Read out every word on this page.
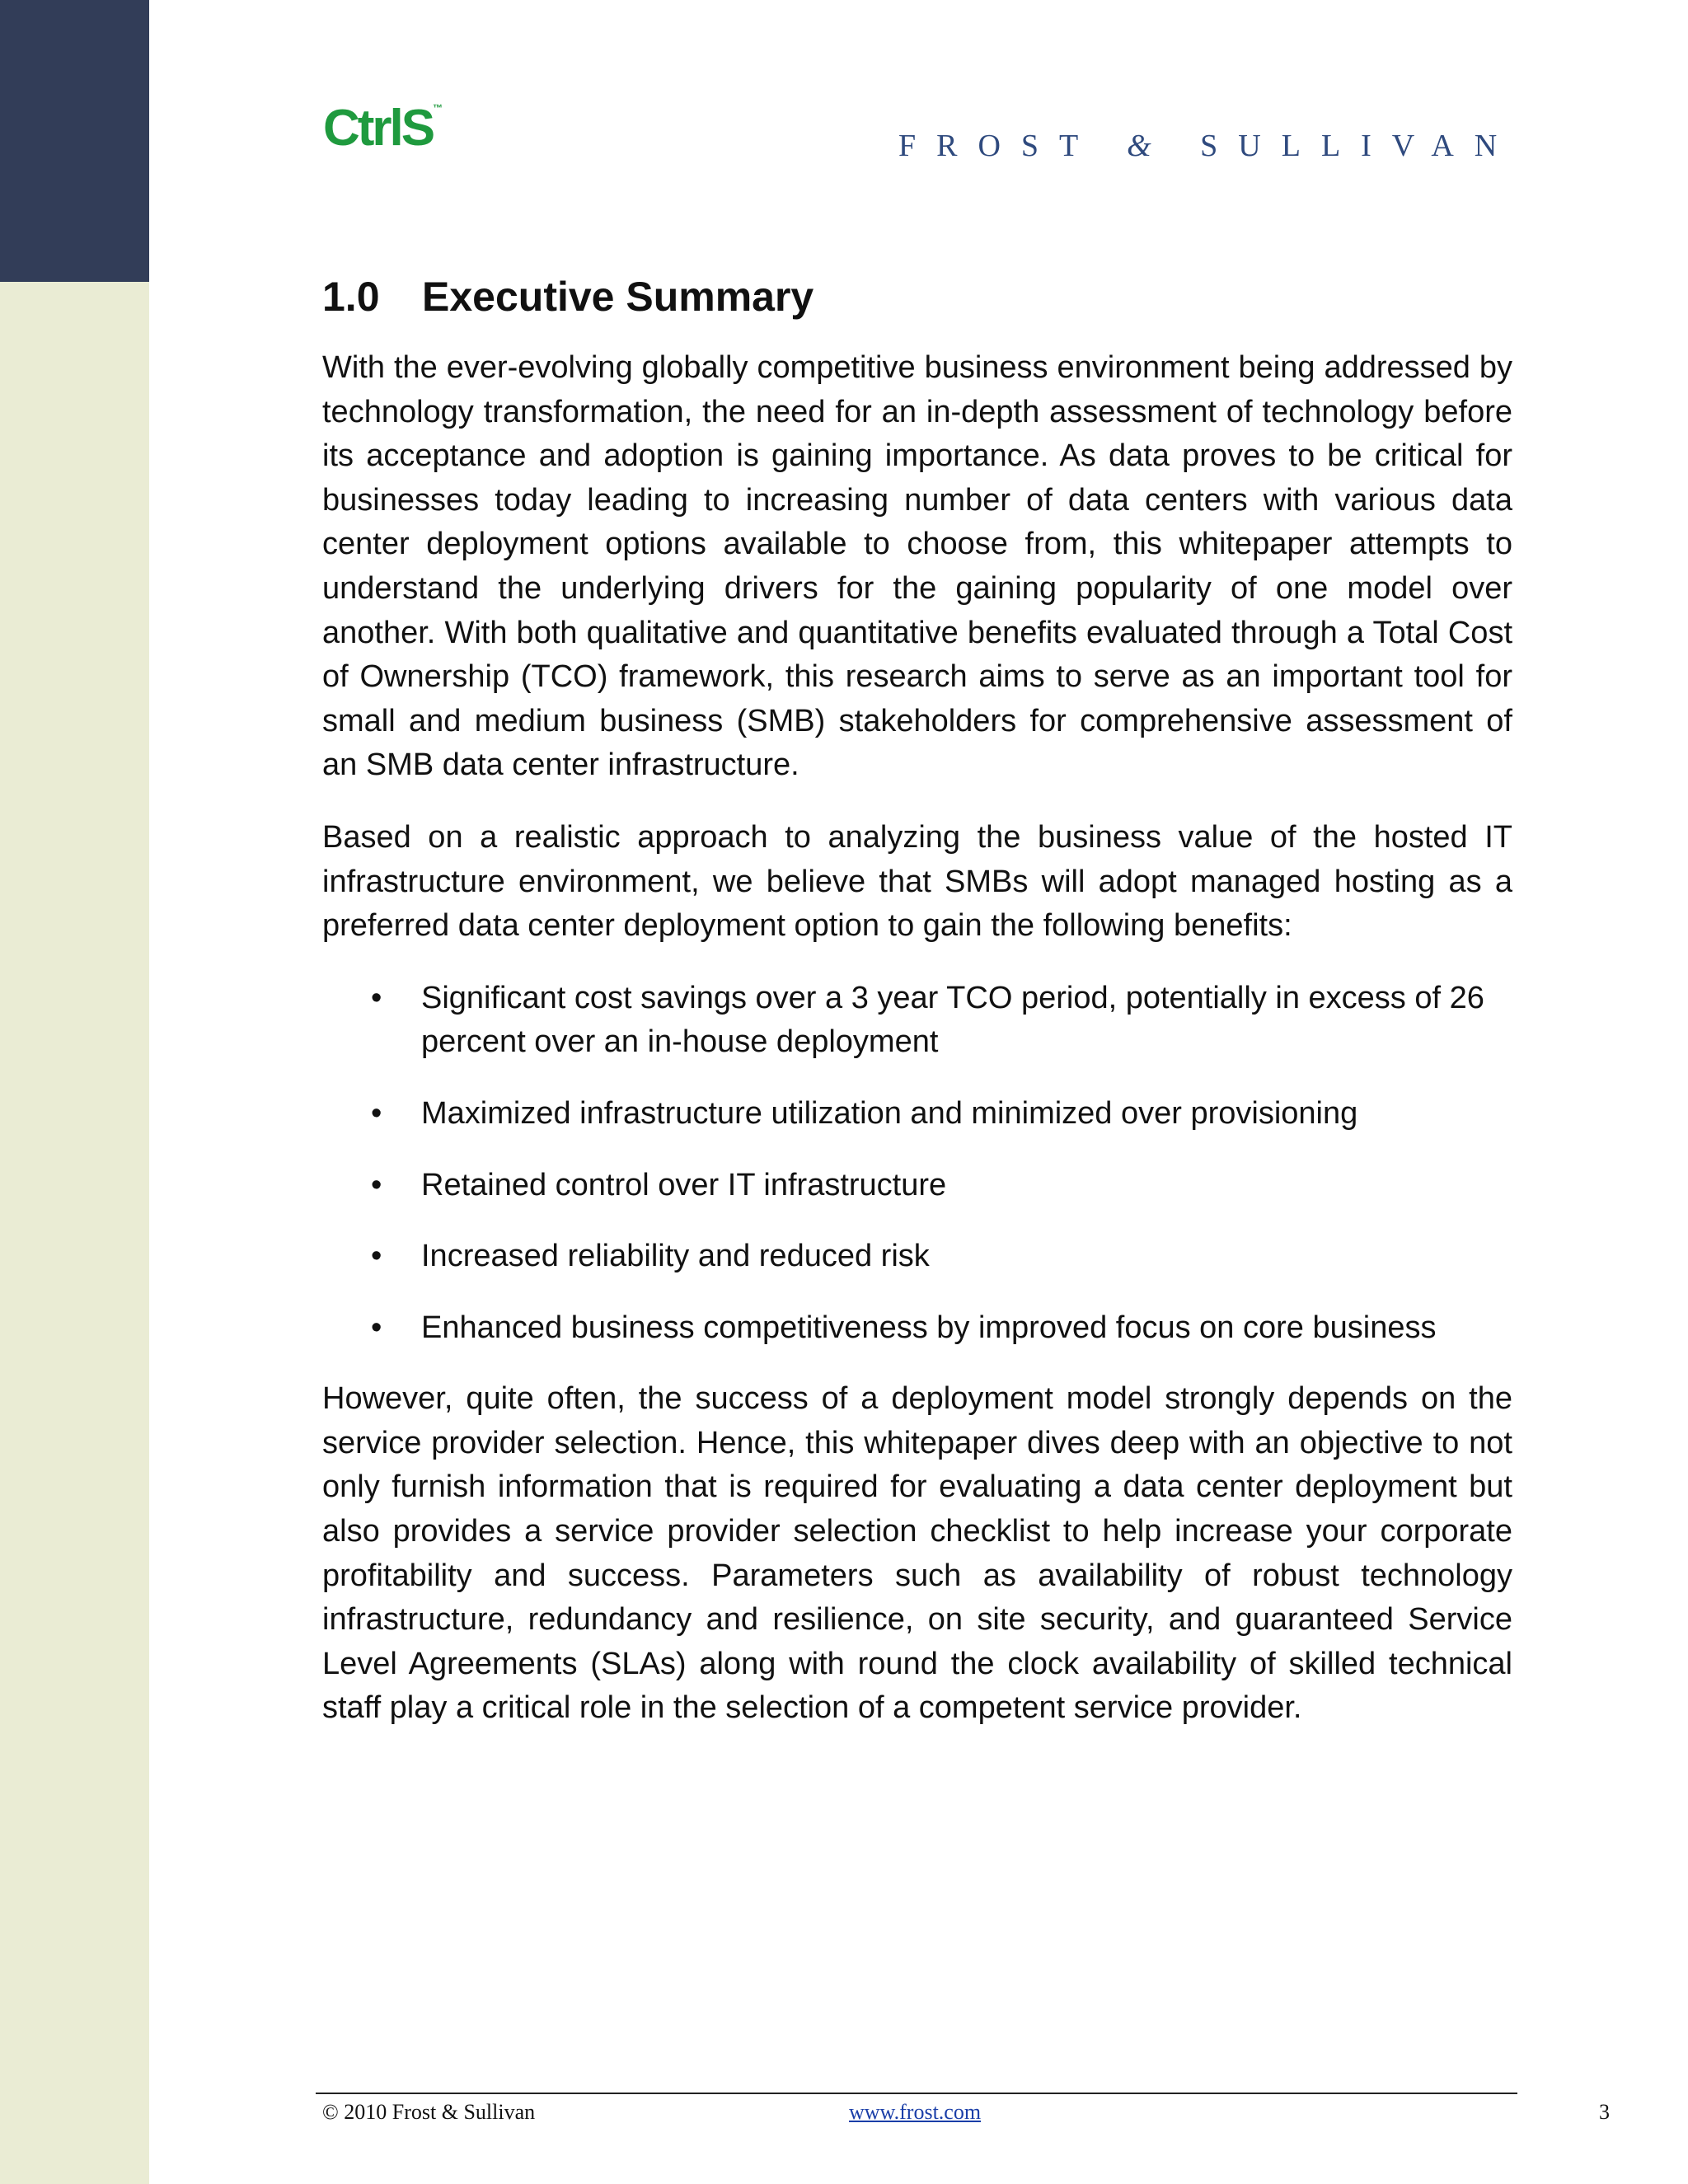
CtrlS™
FROST & SULLIVAN
1.0 Executive Summary

With the ever-evolving globally competitive business environment being addressed by technology transformation, the need for an in-depth assessment of technology before its acceptance and adoption is gaining importance. As data proves to be critical for businesses today leading to increasing number of data centers with various data center deployment options available to choose from, this whitepaper attempts to understand the underlying drivers for the gaining popularity of one model over another. With both qualitative and quantitative benefits evaluated through a Total Cost of Ownership (TCO) framework, this research aims to serve as an important tool for small and medium business (SMB) stakeholders for comprehensive assessment of an SMB data center infrastructure.

Based on a realistic approach to analyzing the business value of the hosted IT infrastructure environment, we believe that SMBs will adopt managed hosting as a preferred data center deployment option to gain the following benefits:

• Significant cost savings over a 3 year TCO period, potentially in excess of 26 percent over an in-house deployment
• Maximized infrastructure utilization and minimized over provisioning
• Retained control over IT infrastructure
• Increased reliability and reduced risk
• Enhanced business competitiveness by improved focus on core business

However, quite often, the success of a deployment model strongly depends on the service provider selection. Hence, this whitepaper dives deep with an objective to not only furnish information that is required for evaluating a data center deployment but also provides a service provider selection checklist to help increase your corporate profitability and success. Parameters such as availability of robust technology infrastructure, redundancy and resilience, on site security, and guaranteed Service Level Agreements (SLAs) along with round the clock availability of skilled technical staff play a critical role in the selection of a competent service provider.

© 2010 Frost & Sullivan	www.frost.com	3
